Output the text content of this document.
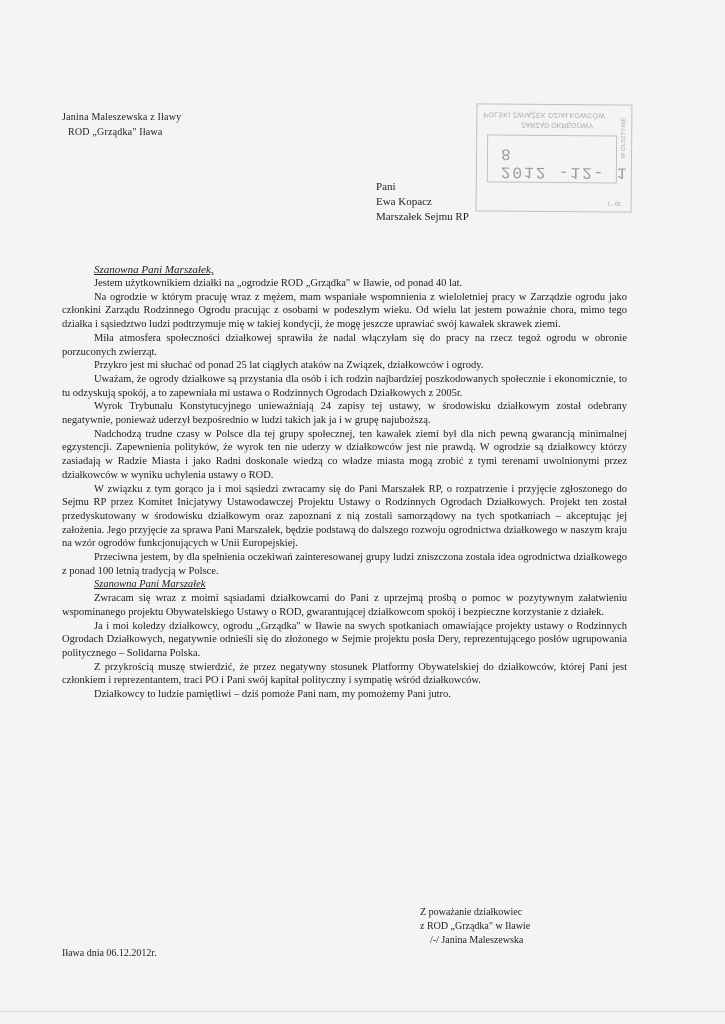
Janina Maleszewska z Iławy
ROD „Grządka" Iława
POLSKI ZWIĄZEK DZIAŁKOWCÓW
ZARZĄD OKRĘGOWY	W OLSZTYNIE
2012 -12- 1 8
L. dz.
Pani
Ewa Kopacz
Marszałek Sejmu RP
Szanowna Pani Marszałek,

Jestem użytkownikiem działki na „ogrodzie ROD „Grządka" w Iławie, od ponad 40 lat.

Na ogrodzie w którym pracuję wraz z mężem, mam wspaniałe wspomnienia z wieloletniej pracy w Zarządzie ogrodu jako członkini Zarządu Rodzinnego Ogrodu pracując z osobami w podeszłym wieku. Od wielu lat jestem poważnie chora, mimo tego działka i sąsiedztwo ludzi podtrzymuje mię w takiej kondycji, że mogę jeszcze uprawiać swój kawałek skrawek ziemi.

Miła atmosfera społeczności działkowej sprawiła że nadal włączyłam się do pracy na rzecz tegoż ogrodu w obronie porzuconych zwierząt.

Przykro jest mi słuchać od ponad 25 lat ciągłych ataków na Związek, działkowców i ogrody.

Uważam, że ogrody działkowe są przystania dla osób i ich rodzin najbardziej poszkodowanych społecznie i ekonomicznie, to tu odzyskują spokój, a to zapewniała mi ustawa o Rodzinnych Ogrodach Działkowych z 2005r.

Wyrok Trybunału Konstytucyjnego unieważniają 24 zapisy tej ustawy, w środowisku działkowym został odebrany negatywnie, ponieważ uderzył bezpośrednio w ludzi takich jak ja i w grupę najuboższą.

Nadchodzą trudne czasy w Polsce dla tej grupy społecznej, ten kawałek ziemi był dla nich pewną gwarancją minimalnej egzystencji. Zapewnienia polityków, że wyrok ten nie uderzy w działkowców jest nie prawdą. W ogrodzie są działkowcy którzy zasiadają w Radzie Miasta i jako Radni doskonale wiedzą co władze miasta mogą zrobić z tymi terenami uwolnionymi przez działkowców w wyniku uchylenia ustawy o ROD.

W związku z tym gorąco ja i moi sąsiedzi zwracamy się do Pani Marszałek RP, o rozpatrzenie i przyjęcie zgłoszonego do Sejmu RP przez Komitet Inicjatywy Ustawodawczej Projektu Ustawy o Rodzinnych Ogrodach Działkowych. Projekt ten został przedyskutowany w środowisku działkowym oraz zapoznani z nią zostali samorządowy na tych spotkaniach – akceptując jej założenia. Jego przyjęcie za sprawa Pani Marszałek, będzie podstawą do dalszego rozwoju ogrodnictwa działkowego w naszym kraju na wzór ogrodów funkcjonujących w Unii Europejskiej.

Przeciwna jestem, by dla spełnienia oczekiwań zainteresowanej grupy ludzi zniszczona została idea ogrodnictwa działkowego z ponad 100 letnią tradycją w Polsce.

Szanowna Pani Marszałek

Zwracam się wraz z moimi sąsiadami działkowcami do Pani z uprzejmą prośbą o pomoc w pozytywnym załatwieniu wspominanego projektu Obywatelskiego Ustawy o ROD, gwarantującej działkowcom spokój i bezpieczne korzystanie z działek.

Ja i moi koledzy działkowcy, ogrodu „Grządka" w Iławie na swych spotkaniach omawiające projekty ustawy o Rodzinnych Ogrodach Działkowych, negatywnie odnieśli się do złożonego w Sejmie projektu posła Dery, reprezentującego posłów ugrupowania politycznego – Solidarna Polska.

Z przykrością muszę stwierdzić, że przez negatywny stosunek Platformy Obywatelskiej do działkowców, której Pani jest członkiem i reprezentantem, traci PO i Pani swój kapitał polityczny i sympatię wśród działkowców.

Działkowcy to ludzie pamiętliwi – dziś pomoże Pani nam, my pomożemy Pani jutro.

Z poważanie działkowiec
z ROD „Grządka" w Iławie
/-/ Janina Maleszewska
Iława dnia 06.12.2012r.
